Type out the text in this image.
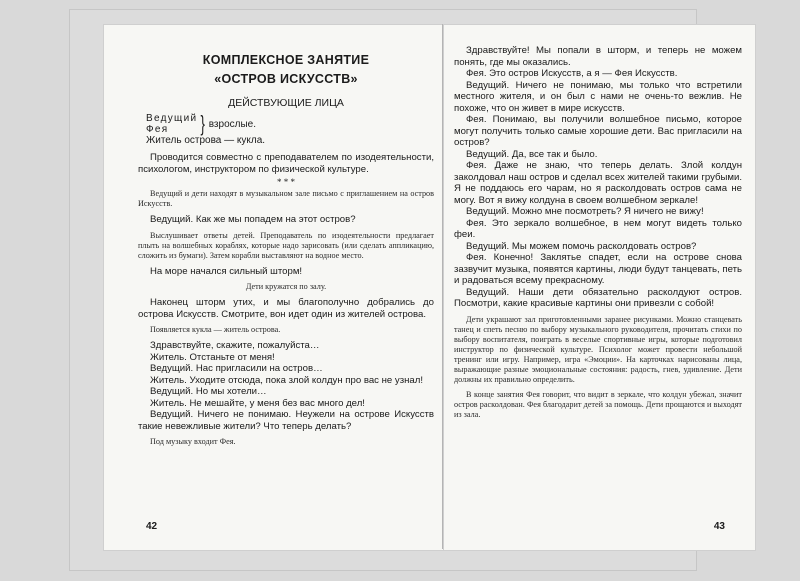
КОМПЛЕКСНОЕ ЗАНЯТИЕ
«ОСТРОВ ИСКУССТВ»
ДЕЙСТВУЮЩИЕ ЛИЦА
Ведущий
Фея	} взрослые.
Житель острова — кукла.

Проводится совместно с преподавателем по изодеятельности, психологом, инструктором по физической культуре.

* * *

Ведущий и дети находят в музыкальном зале письмо с приглашением на остров Искусств.

Ведущий. Как же мы попадем на этот остров?

Выслушивает ответы детей. Преподаватель по изодеятельности предлагает плыть на волшебных кораблях, которые надо зарисовать (или сделать аппликацию, сложить из бумаги). Затем корабли выставляют на водное место.

На море начался сильный шторм!

Дети кружатся по залу.

Наконец шторм утих, и мы благополучно добрались до острова Искусств. Смотрите, вон идет один из жителей острова.

Появляется кукла — житель острова.

Здравствуйте, скажите, пожалуйста…

Житель. Отстаньте от меня!

Ведущий. Нас пригласили на остров…

Житель. Уходите отсюда, пока злой колдун про вас не узнал!

Ведущий. Но мы хотели…

Житель. Не мешайте, у меня без вас много дел!

Ведущий. Ничего не понимаю. Неужели на острове Искусств такие невежливые жители? Что теперь делать?

Под музыку входит Фея.

42

Здравствуйте! Мы попали в шторм, и теперь не можем понять, где мы оказались.

Фея. Это остров Искусств, а я — Фея Искусств.

Ведущий. Ничего не понимаю, мы только что встретили местного жителя, и он был с нами не очень-то вежлив. Не похоже, что он живет в мире искусств.

Фея. Понимаю, вы получили волшебное письмо, которое могут получить только самые хорошие дети. Вас пригласили на остров?

Ведущий. Да, все так и было.

Фея. Даже не знаю, что теперь делать. Злой колдун заколдовал наш остров и сделал всех жителей такими грубыми. Я не поддаюсь его чарам, но я расколдовать остров сама не могу. Вот я вижу колдуна в своем волшебном зеркале!

Ведущий. Можно мне посмотреть? Я ничего не вижу!

Фея. Это зеркало волшебное, в нем могут видеть только феи.

Ведущий. Мы можем помочь расколдовать остров?

Фея. Конечно! Заклятье спадет, если на острове снова зазвучит музыка, появятся картины, люди будут танцевать, петь и радоваться всему прекрасному.

Ведущий. Наши дети обязательно расколдуют остров. Посмотри, какие красивые картины они привезли с собой!

Дети украшают зал приготовленными заранее рисунками. Можно станцевать танец и спеть песню по выбору музыкального руководителя, прочитать стихи по выбору воспитателя, поиграть в веселые спортивные игры, которые подготовил инструктор по физической культуре. Психолог может провести небольшой тренинг или игру. Например, игра «Эмоции». На карточках нарисованы лица, выражающие разные эмоциональные состояния: радость, гнев, удивление. Дети должны их правильно определить.

В конце занятия Фея говорит, что видит в зеркале, что колдун убежал, значит остров расколдован. Фея благодарит детей за помощь. Дети прощаются и выходят из зала.

43
